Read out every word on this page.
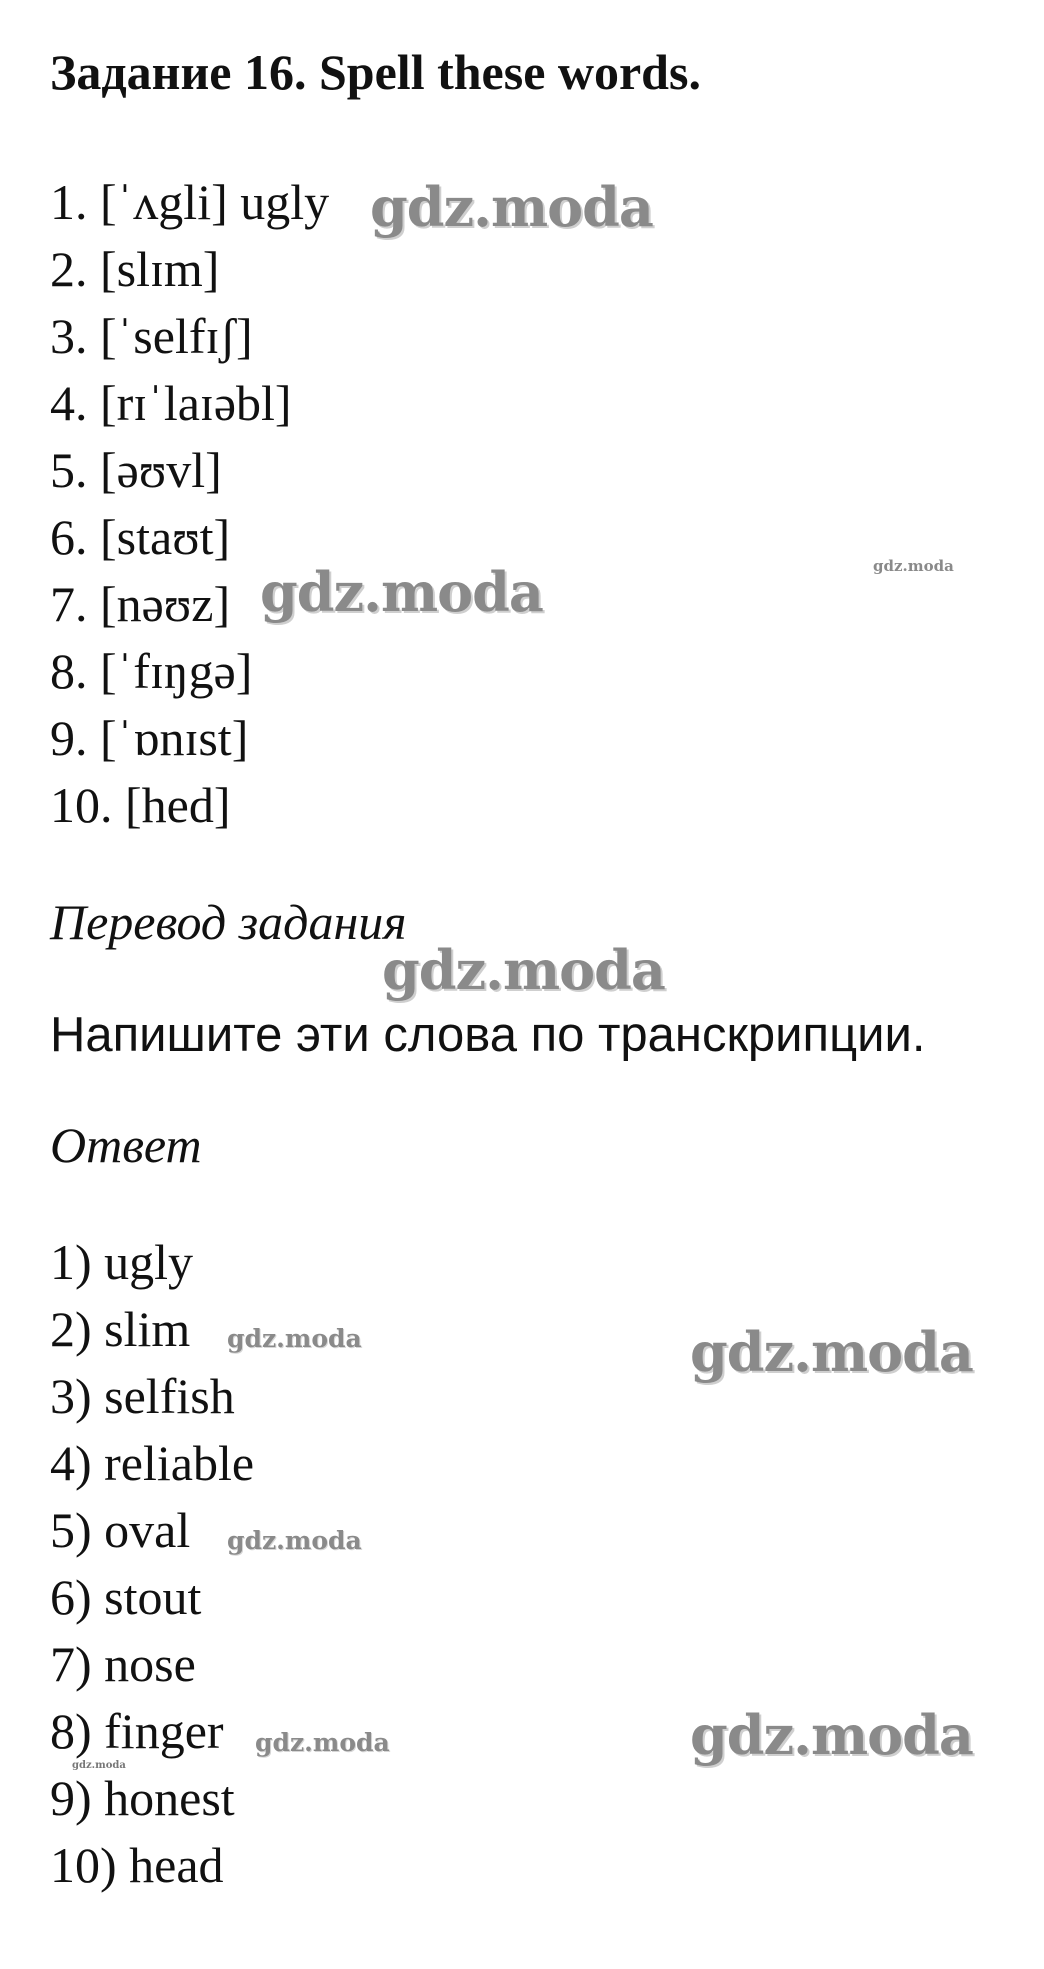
Задание 16. Spell these words.
1. [ˈʌgli] ugly
2. [slɪm]
3. [ˈselfɪʃ]
4. [rɪˈlaɪəbl]
5. [əʊvl]
6. [staʊt]
7. [nəʊz]
8. [ˈfɪŋgə]
9. [ˈɒnɪst]
10. [hed]
Перевод задания
Напишите эти слова по транскрипции.
Ответ
1) ugly
2) slim
3) selfish
4) reliable
5) oval
6) stout
7) nose
8) finger
9) honest
10) head
gdz.moda
gdz.moda	gdz.moda
gdz.moda
gdz.moda	gdz.moda
gdz.moda
gdz.moda	gdz.moda
gdz.moda
